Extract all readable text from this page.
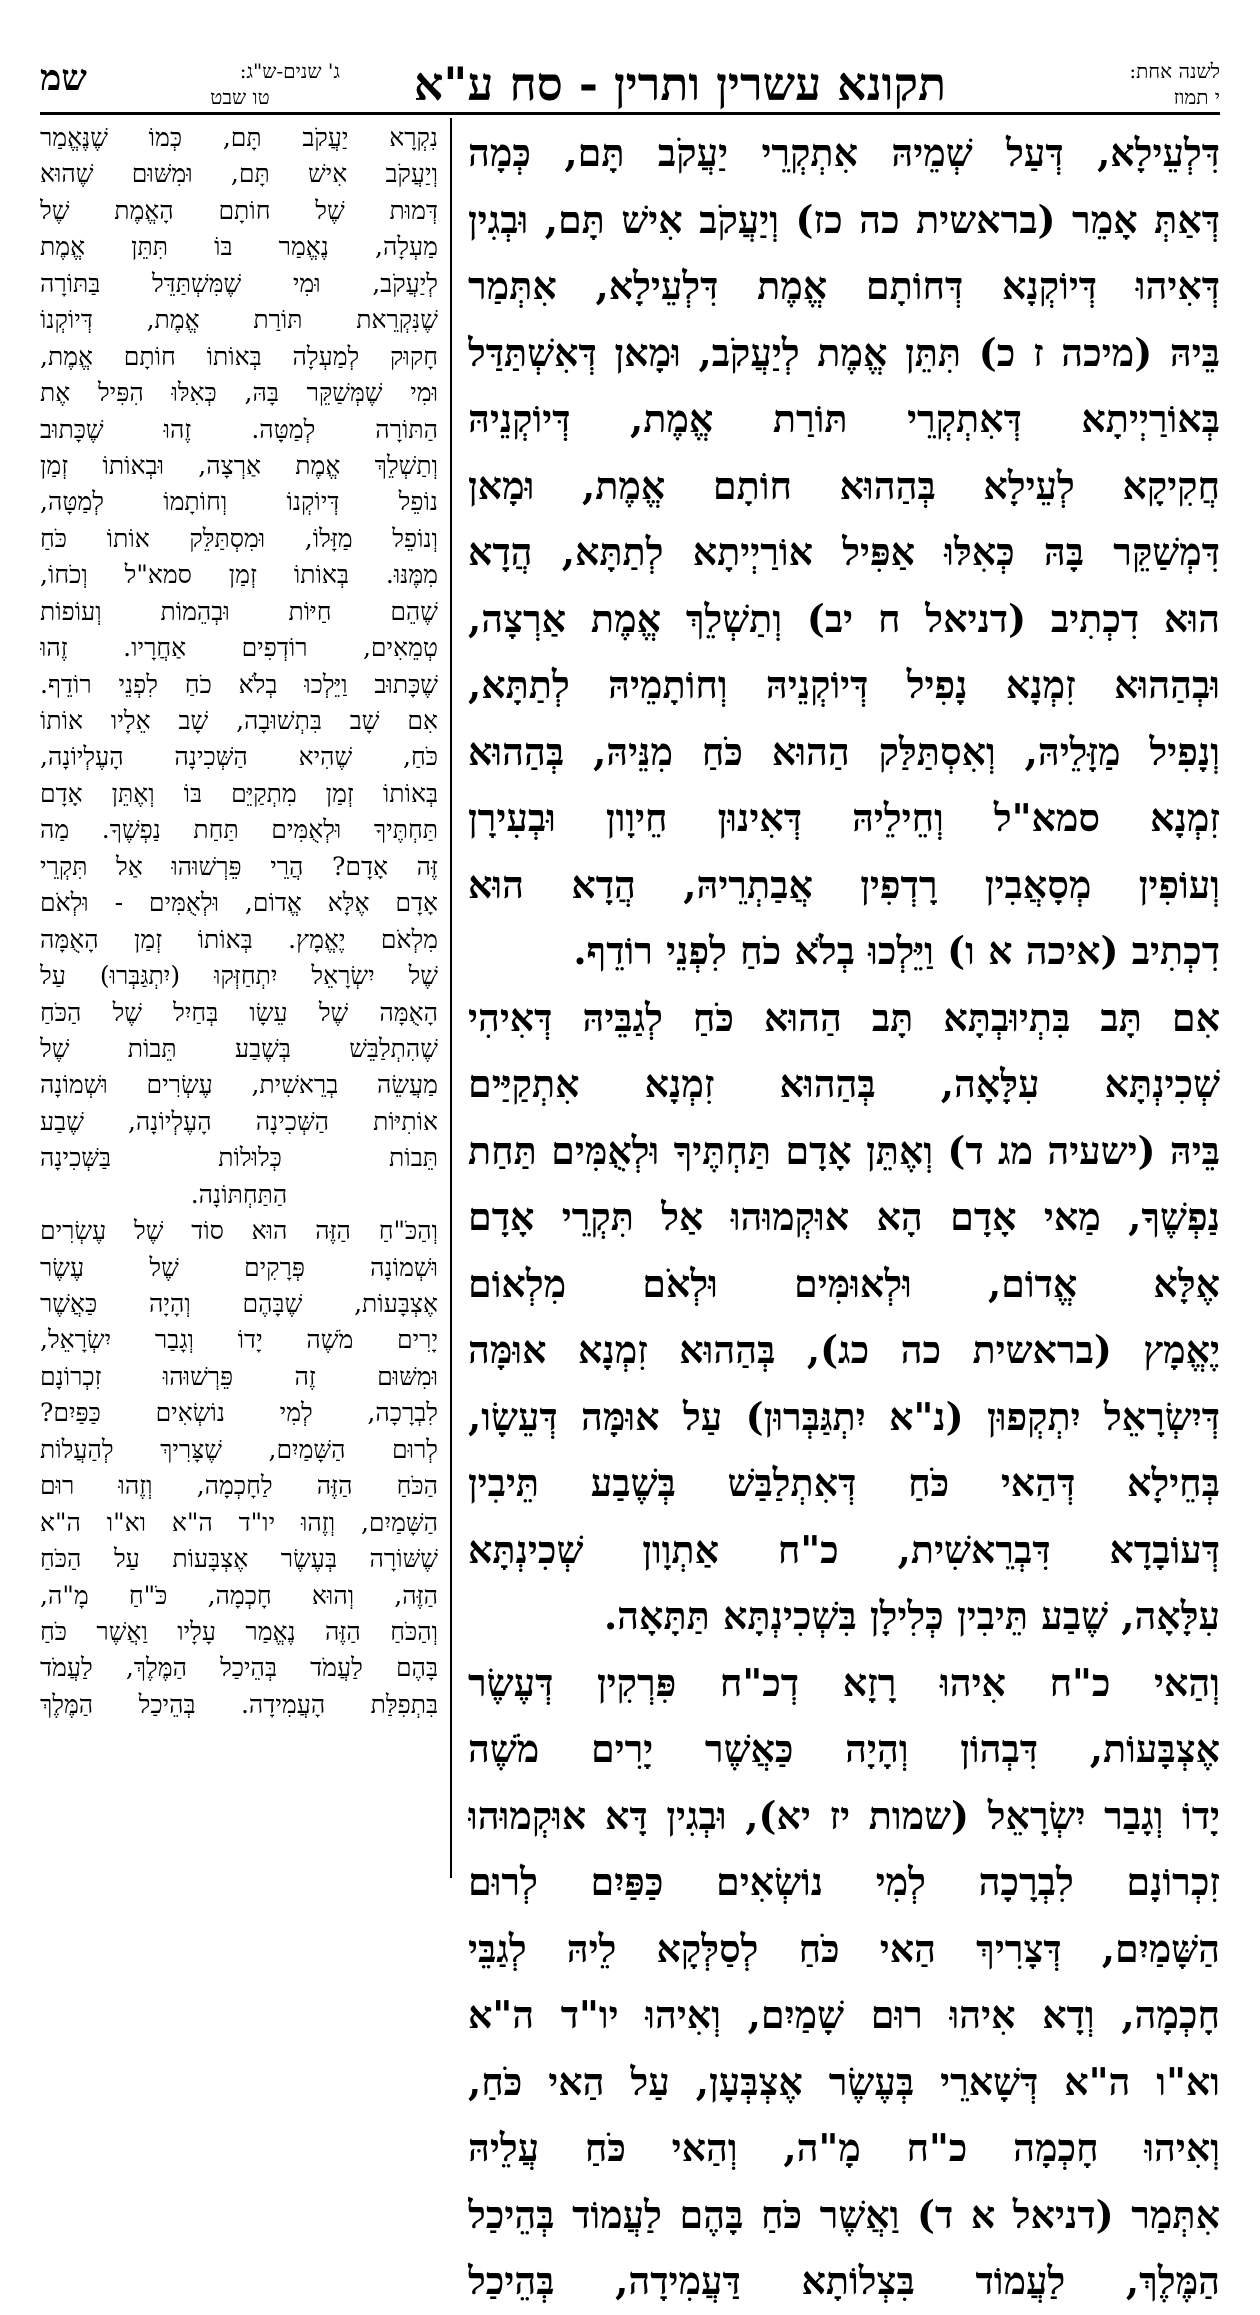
שמ	ג' שנים-ש"ג:
טו שבט	תקונא עשרין ותרין - סח ע"א	לשנה אחת:
י תמוז
דִּלְעֵילָא, דְּעַל שְׁמֵיהּ אִתְקְרֵי יַעֲקֹב תָּם, כְּמָה
דְּאַתְּ אָמֵר (בראשית כה כז) וְיַעֲקֹב אִישׁ תָּם, וּבְגִין
דְּאִיהוּ דְּיוֹקְנָא דְּחוֹתָם אֱמֶת דִּלְעֵילָא, אִתְּמַר
בֵּיהּ (מיכה ז כ) תִּתֵּן אֱמֶת לְיַעֲקֹב, וּמָאן דְּאִשְׁתַּדַּל
בְּאוֹרַיְיתָא דְּאִתְקְרֵי תּוֹרַת אֱמֶת, דְּיוֹקְנֵיהּ
חֲקִיקָא לְעֵילָא בְּהַהוּא חוֹתָם אֱמֶת, וּמָאן
דִּמְשַׁקֵּר בָּהּ כְּאִלּוּ אַפִּיל אוֹרַיְיתָא לְתַתָּא, הֲדָא
הוּא דִכְתִיב (דניאל ח יב) וְתַשְׁלֵךְ אֱמֶת אַרְצָה,
וּבְהַהוּא זִמְנָא נָפִיל דְּיוֹקְנֵיהּ וְחוֹתָמֵיהּ לְתַתָּא,
וְנָפִיל מַזָּלֵיהּ, וְאִסְתַּלַּק הַהוּא כֹּחַ מִנֵּיהּ, בְּהַהוּא
זִמְנָא סמא"ל וְחֵילֵיהּ דְּאִינוּן חֵיוָון וּבְעִירָן
וְעוֹפִין מְסָאֲבִין רָדְפִין אֲבַתְרֵיהּ, הֲדָא הוּא
דִכְתִיב (איכה א ו) וַיֵּלְכוּ בְלֹא כֹחַ לִפְנֵי רוֹדֵף.
אִם תָּב בִּתְיוּבְתָּא תָּב הַהוּא כֹּחַ לְגַבֵּיהּ דְּאִיהִי
שְׁכִינְתָּא עִלָּאָה, בְּהַהוּא זִמְנָא אִתְקַיַּים
בֵּיהּ (ישעיה מג ד) וְאֶתֵּן אָדָם תַּחְתֶּיךָ וּלְאֻמִּים תַּחַת
נַפְשֶׁךָ, מַאי אָדָם הָא אוּקְמוּהוּ אַל תִּקְרֵי אָדָם
אֶלָּא אֱדוֹם, וּלְאוּמִּים וּלְאֹם מִלְאוֹם
יֶאֱמָץ (בראשית כה כג), בְּהַהוּא זִמְנָא אוּמָּה
דְּיִשְׂרָאֵל יִתְקְפוּן (נ"א יִתְגַּבְּרוּן) עַל אוּמָּה דְּעֵשָׂו,
בְּחֵילָא דְּהַאי כֹּחַ דְּאִתְלַבַּשׁ בְּשֶׁבַע תֵּיבִין
דְּעוֹבָדָא דִּבְרֵאשִׁית, כ"ח אַתְוָון שְׁכִינְתָּא
עִלָּאָה, שֶׁבַע תֵּיבִין כְּלִילָן בִּשְׁכִינְתָּא תַּתָּאָה.
וְהַאי כ"ח אִיהוּ רָזָא דְכ"ח פִּרְקִין דְּעֶשֶׂר
אֶצְבָּעוֹת, דִּבְהוֹן וְהָיָה כַּאֲשֶׁר יָרִים מֹשֶׁה
יָדוֹ וְגָבַר יִשְׂרָאֵל (שמות יז יא), וּבְגִין דָּא אוּקְמוּהוּ
זִכְרוֹנָם לִבְרָכָה לְמִי נוֹשְׂאִים כַּפַּיִם לְרוּם
הַשָּׁמַיִם, דְּצָרִיךְ הַאי כֹּחַ לְסַלְּקָא לֵיהּ לְגַבֵּי
חָכְמָה, וְדָא אִיהוּ רוּם שָׁמַיִם, וְאִיהוּ יו"ד ה"א
וא"ו ה"א דְּשָׁארֵי בְּעֶשֶׂר אֶצְבְּעָן, עַל הַאי כֹּחַ,
וְאִיהוּ חָכְמָה כ"ח מָ"ה, וְהַאי כֹּחַ עֲלֵיהּ
אִתְּמַר (דניאל א ד) וַאֲשֶׁר כֹּחַ בָּהֶם לַעֲמוֹד בְּהֵיכַל
הַמֶּלֶךְ, לַעֲמוֹד בִּצְלוֹתָא דַּעֲמִידָה, בְּהֵיכַל
נִקְרָא יַעֲקֹב תָּם, כְּמוֹ שֶׁנֶּאֱמַר
וְיַעֲקֹב אִישׁ תָּם, וּמִשּׁוּם שֶׁהוּא
דְּמוּת שֶׁל חוֹתָם הָאֱמֶת שֶׁל
מַעְלָה, נֶאֱמַר בּוֹ תִּתֵּן אֱמֶת
לְיַעֲקֹב, וּמִי שֶׁמִּשְׁתַּדֵּל בַּתּוֹרָה
שֶׁנִּקְרֵאת תּוֹרַת אֱמֶת, דְּיוֹקְנוֹ
חָקוּק לְמַעְלָה בְּאוֹתוֹ חוֹתָם אֱמֶת,
וּמִי שֶׁמְּשַׁקֵּר בָּהּ, כְּאִלּוּ הִפִּיל אֶת
הַתּוֹרָה לְמַטָּה. זֶהוּ שֶׁכָּתוּב
וְתַשְׁלֵךְ אֱמֶת אַרְצָה, וּבְאוֹתוֹ זְמַן
נוֹפֵל דְּיוֹקְנוֹ וְחוֹתָמוֹ לְמַטָּה,
וְנוֹפֵל מַזָּלוֹ, וּמִסְתַּלֵּק אוֹתוֹ כֹּחַ
מִמֶּנּוּ. בְּאוֹתוֹ זְמַן סמא"ל וְכֹחוֹ,
שֶׁהֵם חַיּוֹת וּבְהֵמוֹת וְעוֹפוֹת
טְמֵאִים, רוֹדְפִים אַחֲרָיו. זֶהוּ
שֶׁכָּתוּב וַיֵּלְכוּ בְלֹא כֹחַ לִפְנֵי רוֹדֵף.
אִם שָׁב בִּתְשׁוּבָה, שָׁב אֵלָיו אוֹתוֹ
כֹּחַ, שֶׁהִיא הַשְּׁכִינָה הָעֶלְיוֹנָה,
בְּאוֹתוֹ זְמַן מִתְקַיֵּם בּוֹ וְאֶתֵּן אָדָם
תַּחְתֶּיךָ וּלְאֻמִּים תַּחַת נַפְשֶׁךָ. מַה
זֶּה אָדָם? הֲרֵי פֵּרְשׁוּהוּ אַל תִּקְרֵי
אָדָם אֶלָּא אֱדוֹם, וּלְאֻמִּים - וּלְאֹם
מִלְאֹם יֶאֱמָץ. בְּאוֹתוֹ זְמַן הָאֻמָּה
שֶׁל יִשְׂרָאֵל יִתְחַזְּקוּ (יִתְגַּבְּרוּ) עַל
הָאֻמָּה שֶׁל עֵשָׂו בְּחַיִל שֶׁל הַכֹּחַ
שֶׁהִתְלַבֵּשׁ בְּשֶׁבַע תֵּבוֹת שֶׁל
מַעֲשֵׂה בְרֵאשִׁית, עֶשְׂרִים וּשְׁמוֹנָה
אוֹתִיּוֹת הַשְּׁכִינָה הָעֶלְיוֹנָה, שֶׁבַע
תֵּבוֹת כְּלוּלוֹת בַּשְּׁכִינָה
הַתַּחְתּוֹנָה.
וְהַכֹּ"חַ הַזֶּה הוּא סוֹד שֶׁל עֶשְׂרִים
וּשְׁמוֹנָה פְּרָקִים שֶׁל עֶשֶׂר
אֶצְבָּעוֹת, שֶׁבָּהֶם וְהָיָה כַּאֲשֶׁר
יָרִים מֹשֶׁה יָדוֹ וְגָבַר יִשְׂרָאֵל,
וּמִשּׁוּם זֶה פֵּרְשׁוּהוּ זִכְרוֹנָם
לִבְרָכָה, לְמִי נוֹשְׂאִים כַּפַּיִם?
לְרוּם הַשָּׁמַיִם, שֶׁצָּרִיךְ לְהַעֲלוֹת
הַכֹּחַ הַזֶּה לַחָכְמָה, וְזֶהוּ רוּם
הַשָּׁמַיִם, וְזֶהוּ יו"ד ה"א וא"ו ה"א
שֶׁשּׁוֹרָה בְּעֶשֶׂר אֶצְבָּעוֹת עַל הַכֹּחַ
הַזֶּה, וְהוּא חָכְמָה, כֹּ"חַ מָ"ה,
וְהַכֹּחַ הַזֶּה נֶאֱמַר עָלָיו וַאֲשֶׁר כֹּחַ
בָּהֶם לַעֲמֹד בְּהֵיכַל הַמֶּלֶךְ, לַעֲמֹד
בִּתְפִלַּת הָעֲמִידָה. בְּהֵיכַל הַמֶּלֶךְ
